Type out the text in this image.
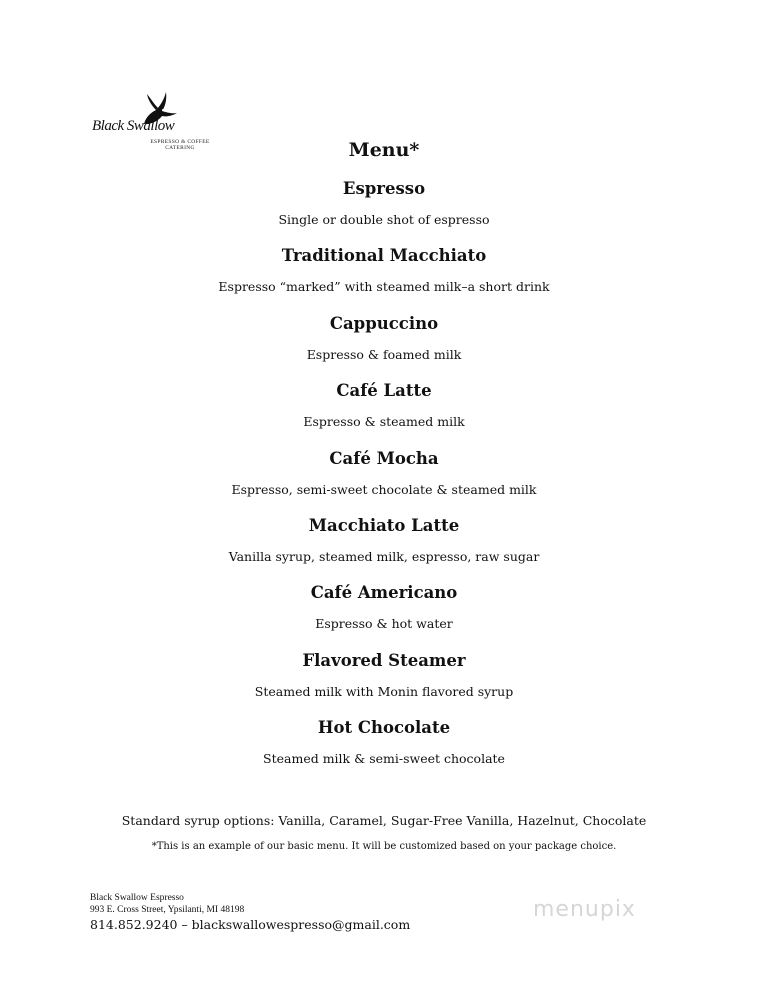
Black Swallow
ESPRESSO & COFFEE
CATERING	Menu*
Espresso
Single or double shot of espresso
Traditional Macchiato
Espresso “marked” with steamed milk–a short drink
Cappuccino
Espresso & foamed milk
Café Latte
Espresso & steamed milk
Café Mocha
Espresso, semi-sweet chocolate & steamed milk
Macchiato Latte
Vanilla syrup, steamed milk, espresso, raw sugar
Café Americano
Espresso & hot water
Flavored Steamer
Steamed milk with Monin flavored syrup
Hot Chocolate
Steamed milk & semi-sweet chocolate
Standard syrup options: Vanilla, Caramel, Sugar-Free Vanilla, Hazelnut, Chocolate
*This is an example of our basic menu. It will be customized based on your package choice.
Black Swallow Espresso
993 E. Cross Street, Ypsilanti, MI 48198
814.852.9240 – blackswallowespresso@gmail.com

menupix
